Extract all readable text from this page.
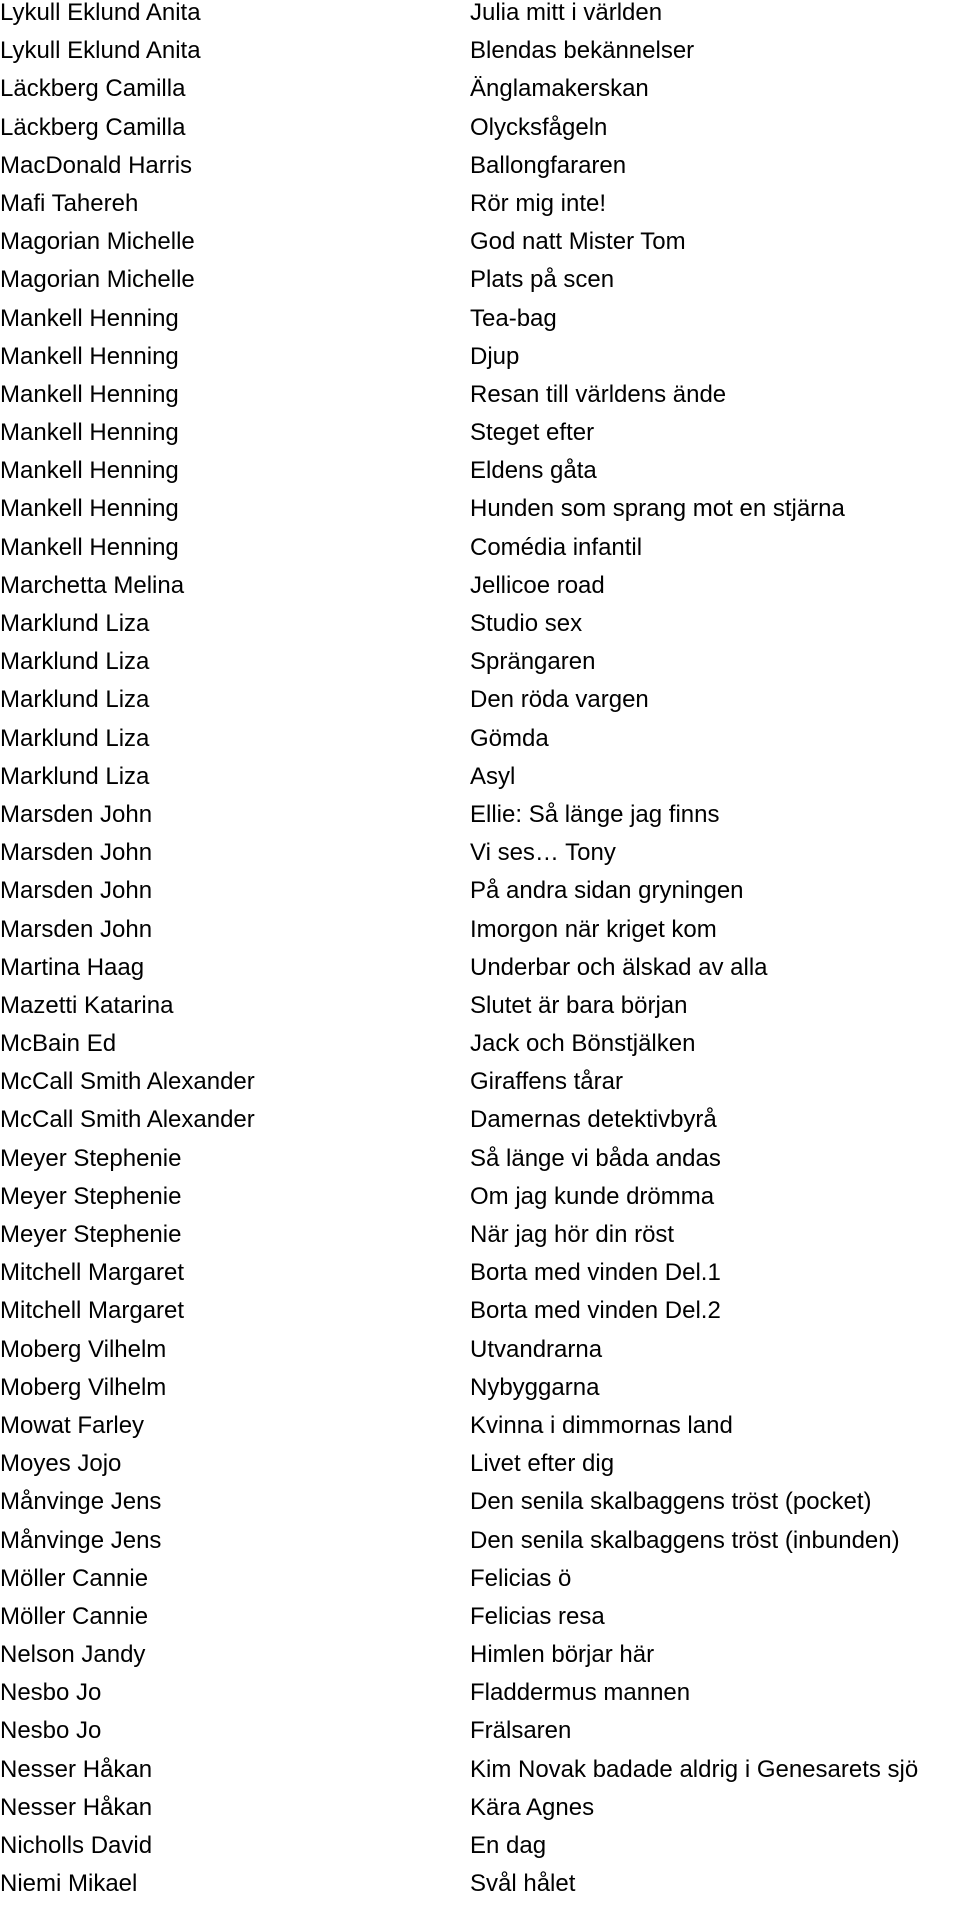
Lykull Eklund Anita	Julia mitt i världen
Lykull Eklund Anita	Blendas bekännelser
Läckberg Camilla	Änglamakerskan
Läckberg Camilla	Olycksfågeln
MacDonald Harris	Ballongfararen
Mafi Tahereh	Rör mig inte!
Magorian Michelle	God natt Mister Tom
Magorian Michelle	Plats på scen
Mankell Henning	Tea-bag
Mankell Henning	Djup
Mankell Henning	Resan till världens ände
Mankell Henning	Steget efter
Mankell Henning	Eldens gåta
Mankell Henning	Hunden som sprang mot en stjärna
Mankell Henning	Comédia infantil
Marchetta Melina	Jellicoe road
Marklund Liza	Studio sex
Marklund Liza	Sprängaren
Marklund Liza	Den röda vargen
Marklund Liza	Gömda
Marklund Liza	Asyl
Marsden John	Ellie: Så länge jag finns
Marsden John	Vi ses… Tony
Marsden John	På andra sidan gryningen
Marsden John	Imorgon när kriget kom
Martina Haag	Underbar och älskad av alla
Mazetti Katarina	Slutet är bara början
McBain Ed	Jack och Bönstjälken
McCall Smith Alexander	Giraffens tårar
McCall Smith Alexander	Damernas detektivbyrå
Meyer Stephenie	Så länge vi båda andas
Meyer Stephenie	Om jag kunde drömma
Meyer Stephenie	När jag hör din röst
Mitchell Margaret	Borta med vinden Del.1
Mitchell Margaret	Borta med vinden Del.2
Moberg Vilhelm	Utvandrarna
Moberg Vilhelm	Nybyggarna
Mowat Farley	Kvinna i dimmornas land
Moyes Jojo	Livet efter dig
Månvinge Jens	Den senila skalbaggens tröst (pocket)
Månvinge Jens	Den senila skalbaggens tröst (inbunden)
Möller Cannie	Felicias ö
Möller Cannie	Felicias resa
Nelson Jandy	Himlen börjar här
Nesbo Jo	Fladdermus mannen
Nesbo Jo	Frälsaren
Nesser Håkan	Kim Novak badade aldrig i Genesarets sjö
Nesser Håkan	Kära Agnes
Nicholls David	En dag
Niemi Mikael	Svål hålet
